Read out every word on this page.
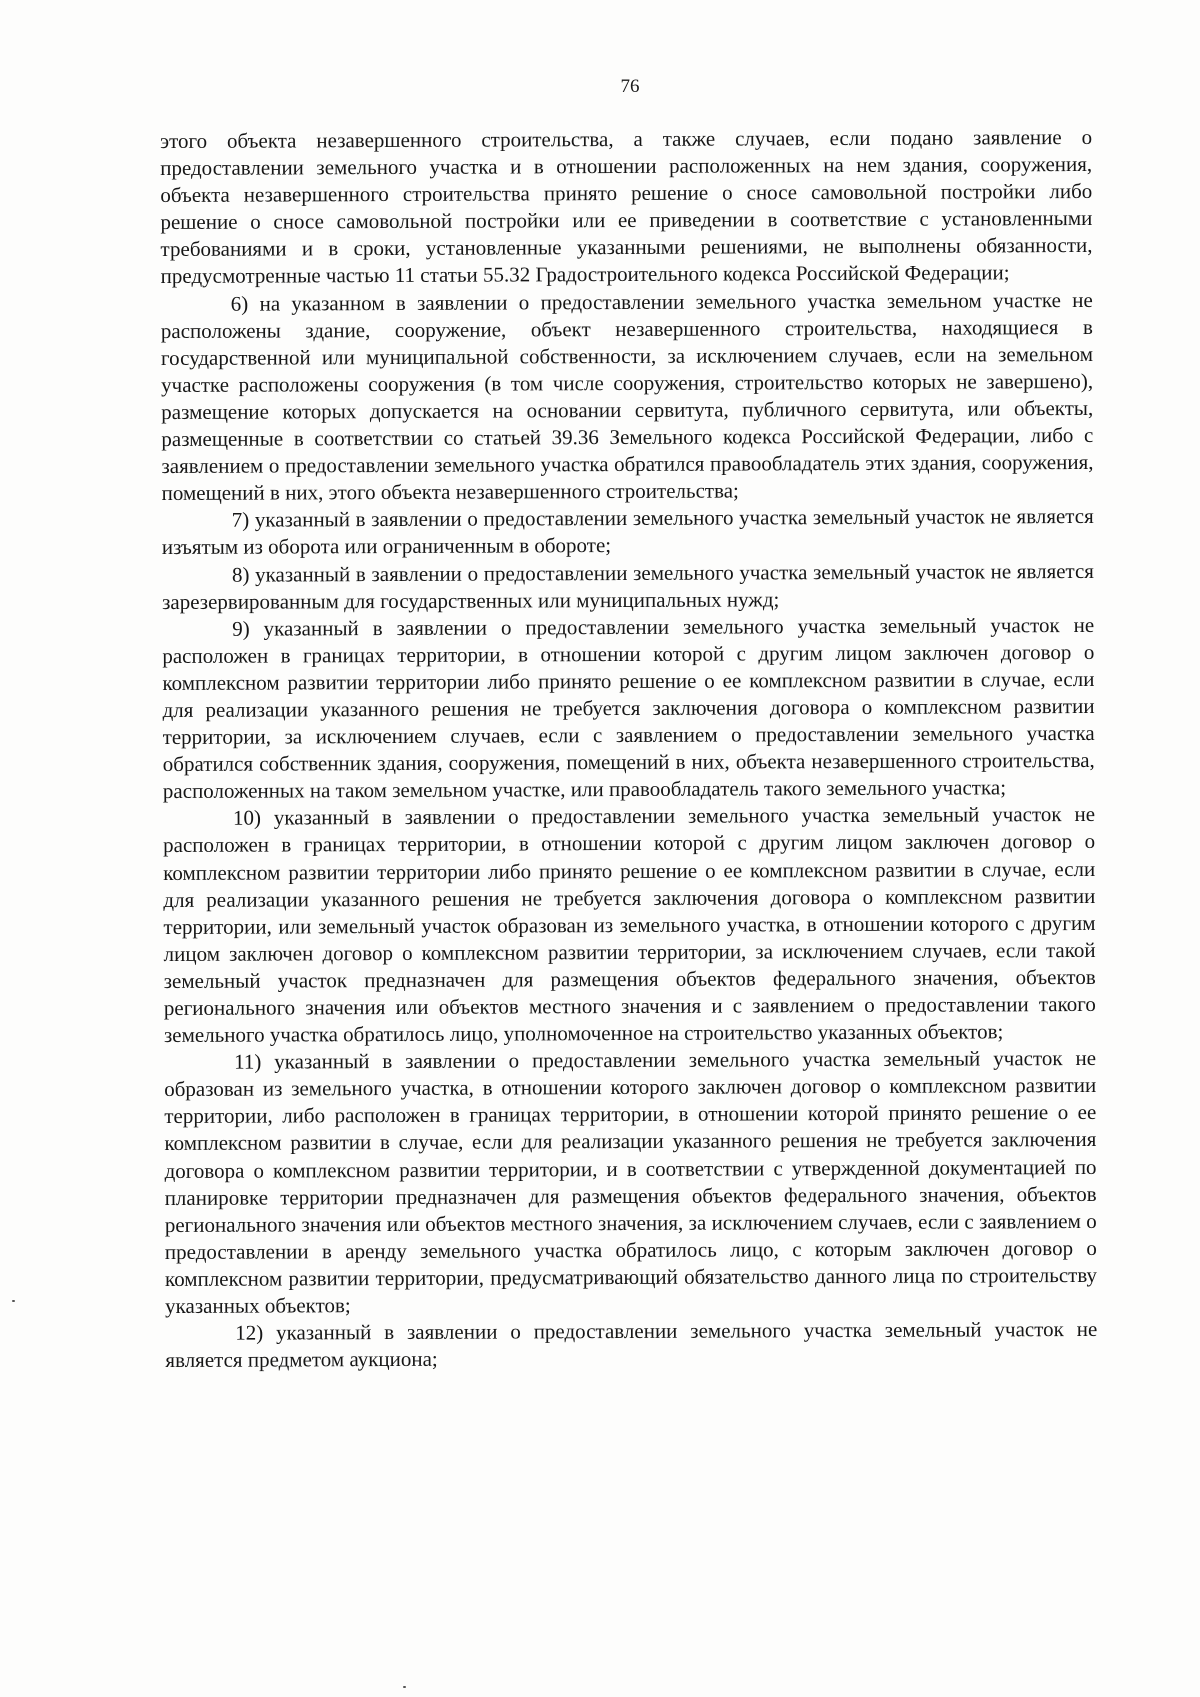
76

этого объекта незавершенного строительства, а также случаев, если подано заявление о предоставлении земельного участка и в отношении расположенных на нем здания, сооружения, объекта незавершенного строительства принято решение о сносе самовольной постройки либо решение о сносе самовольной постройки или ее приведении в соответствие с установленными требованиями и в сроки, установленные указанными решениями, не выполнены обязанности, предусмотренные частью 11 статьи 55.32 Градостроительного кодекса Российской Федерации;

6) на указанном в заявлении о предоставлении земельного участка земельном участке не расположены здание, сооружение, объект незавершенного строительства, находящиеся в государственной или муниципальной собственности, за исключением случаев, если на земельном участке расположены сооружения (в том числе сооружения, строительство которых не завершено), размещение которых допускается на основании сервитута, публичного сервитута, или объекты, размещенные в соответствии со статьей 39.36 Земельного кодекса Российской Федерации, либо с заявлением о предоставлении земельного участка обратился правообладатель этих здания, сооружения, помещений в них, этого объекта незавершенного строительства;

7) указанный в заявлении о предоставлении земельного участка земельный участок не является изъятым из оборота или ограниченным в обороте;

8) указанный в заявлении о предоставлении земельного участка земельный участок не является зарезервированным для государственных или муниципальных нужд;

9) указанный в заявлении о предоставлении земельного участка земельный участок не расположен в границах территории, в отношении которой с другим лицом заключен договор о комплексном развитии территории либо принято решение о ее комплексном развитии в случае, если для реализации указанного решения не требуется заключения договора о комплексном развитии территории, за исключением случаев, если с заявлением о предоставлении земельного участка обратился собственник здания, сооружения, помещений в них, объекта незавершенного строительства, расположенных на таком земельном участке, или правообладатель такого земельного участка;

10) указанный в заявлении о предоставлении земельного участка земельный участок не расположен в границах территории, в отношении которой с другим лицом заключен договор о комплексном развитии территории либо принято решение о ее комплексном развитии в случае, если для реализации указанного решения не требуется заключения договора о комплексном развитии территории, или земельный участок образован из земельного участка, в отношении которого с другим лицом заключен договор о комплексном развитии территории, за исключением случаев, если такой земельный участок предназначен для размещения объектов федерального значения, объектов регионального значения или объектов местного значения и с заявлением о предоставлении такого земельного участка обратилось лицо, уполномоченное на строительство указанных объектов;

11) указанный в заявлении о предоставлении земельного участка земельный участок не образован из земельного участка, в отношении которого заключен договор о комплексном развитии территории, либо расположен в границах территории, в отношении которой принято решение о ее комплексном развитии в случае, если для реализации указанного решения не требуется заключения договора о комплексном развитии территории, и в соответствии с утвержденной документацией по планировке территории предназначен для размещения объектов федерального значения, объектов регионального значения или объектов местного значения, за исключением случаев, если с заявлением о предоставлении в аренду земельного участка обратилось лицо, с которым заключен договор о комплексном развитии территории, предусматривающий обязательство данного лица по строительству указанных объектов;

12) указанный в заявлении о предоставлении земельного участка земельный участок не является предметом аукциона;
